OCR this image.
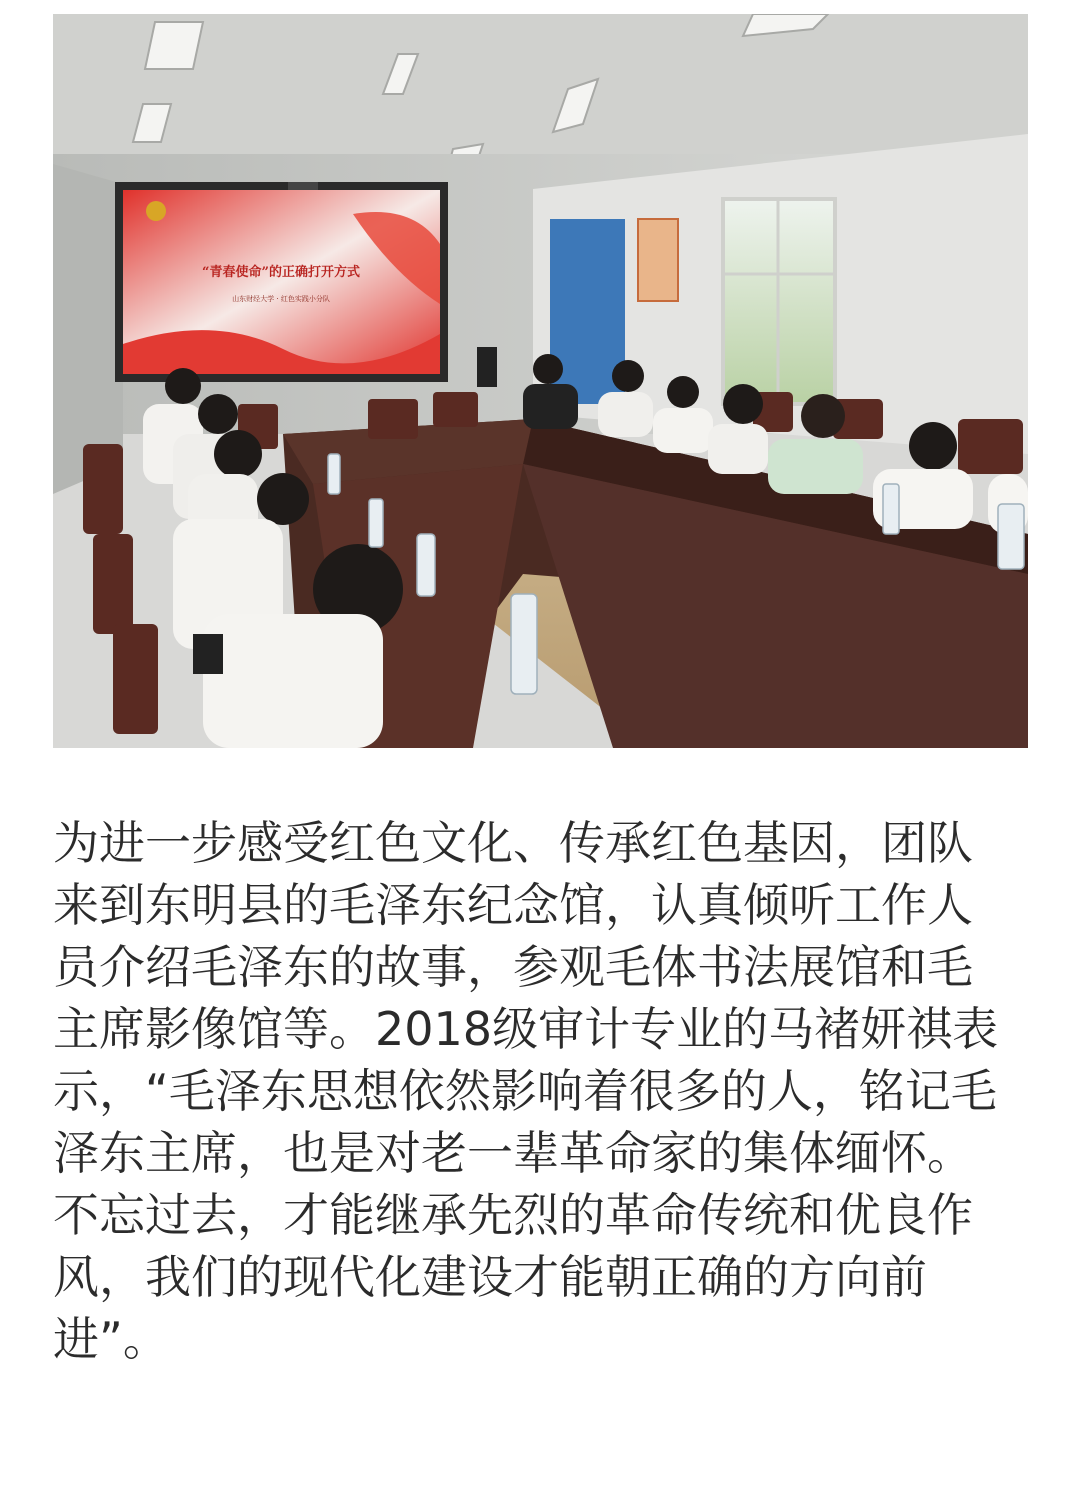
“青春使命”的正确打开方式
山东财经大学 · 红色实践小分队
为进一步感受红色文化、传承红色基因，团队
来到东明县的毛泽东纪念馆，认真倾听工作人
员介绍毛泽东的故事，参观毛体书法展馆和毛
主席影像馆等。2018级审计专业的马褚妍祺表
示，“毛泽东思想依然影响着很多的人，铭记毛
泽东主席，也是对老一辈革命家的集体缅怀。
不忘过去，才能继承先烈的革命传统和优良作
风，我们的现代化建设才能朝正确的方向前
进”。
